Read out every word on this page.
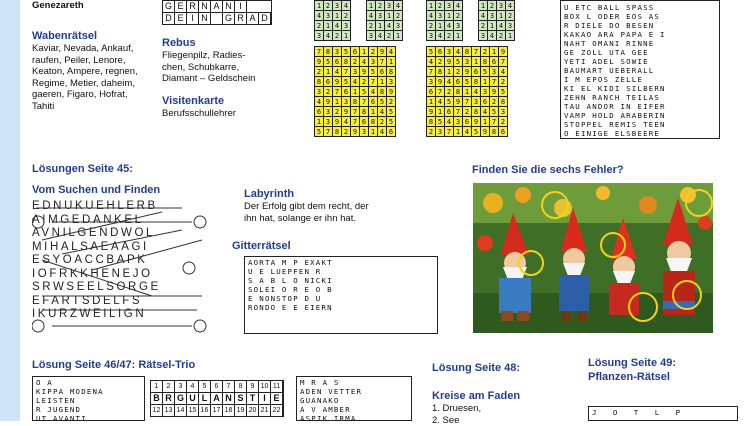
Genezareth
Wabenrätsel
Kaviar, Nevada, Ankauf,
raufen, Peiler, Lenore,
Keaton, Ampere, regnen,
Regime, Metier, daheim,
gaeren, Figaro, Hofrat,
Tahiti
G E R N A N I
D E I N	G R A D
Rebus
Fliegenpilz, Radies-
chen, Schubkarre,
Diamant – Geldschein
Visitenkarte
Berufsschullehrer
1	2	3	4
4	3	1	2
2	1	4	3
3	4	2	1
1	2	3	4
4	3	1	2
2	1	4	3
3	4	2	1
1	2	3	4
4	3	1	2
2	1	4	3
3	4	2	1
1	2	3	4
4	3	1	2
2	1	4	3
3	4	2	1
7	8	3	5	6	1	2	9	4
9	5	6	8	2	4	3	7	1
2	1	4	7	3	9	5	6	8
8	6	9	5	4	2	7	1	3
3	2	7	6	1	5	4	8	9
4	9	1	3	8	7	6	5	2
6	3	2	9	7	8	1	4	5
1	3	9	4	7	6	8	2	5
5	7	8	2	9	3	1	4	6
5	6	3	4	8	7	2	1	9
4	2	9	5	3	1	8	6	7
7	8	1	2	9	6	5	3	4
3	9	4	6	5	8	1	7	2
6	7	2	8	1	4	3	9	5
1	4	5	9	7	3	6	2	8
9	1	6	7	2	8	4	5	3
8	5	4	3	6	9	1	7	2
2	3	7	1	4	5	9	8	6
U ETC BALL SPASS
BOX L ODER EOS AS
R DIELE DO BESEN
KAKAO ARA PAPA E I
NAHT OMANI RINNE
GE ZOLL UTA GEE
YETI ADEL SOWIE
BAUMART UEBERALL
I M EPOS ZELLE
KI EL KIDI SILBERN
ZEHN RANCH TEILAS
TAU ANDOR IN EIFER
VAMP HOLD ARABERIN
STOPPEL REMIS TEEN
O EINIGE ELSBEERE
Lösungen Seite 45:
Vom Suchen und Finden
EDNUKUEHLERB
AIMGEDANKEL
AVNILGENDWOL
MIHALSAEAAGI
ESYOACCBAPK
IOFRKKHENEJO
SRWSEELSORGE
EFARTSDELFS
IKURZWEILIGN
Labyrinth
Der Erfolg gibt dem recht, der
ihn hat, solange er ihn hat.
Gitterrätsel
AORTA M P EXAKT
U E LUEPFEN R
S A B L O NICKI
SOLEI O R E O B
E NONSTOP D U
RONDO E E EIERN
Finden Sie die sechs Fehler?
Lösung Seite 46/47: Rätsel-Trio
O A
KIPPA MODENA
LEISTEN
R JUGEND
UT AVANTI
1	2	3	4	5	6	7	8	9 10 11
B R G U L A N S T I E
12 13 14 15 16 17 18 19 20 21 22
M R A S
ADEN VETTER
GUANAKO
A V AMBER
ASPIK IRMA
Lösung Seite 48:
Kreise am Faden
1. Druesen,
2. See
Lösung Seite 49:
Pflanzen-Rätsel
J O T L P
